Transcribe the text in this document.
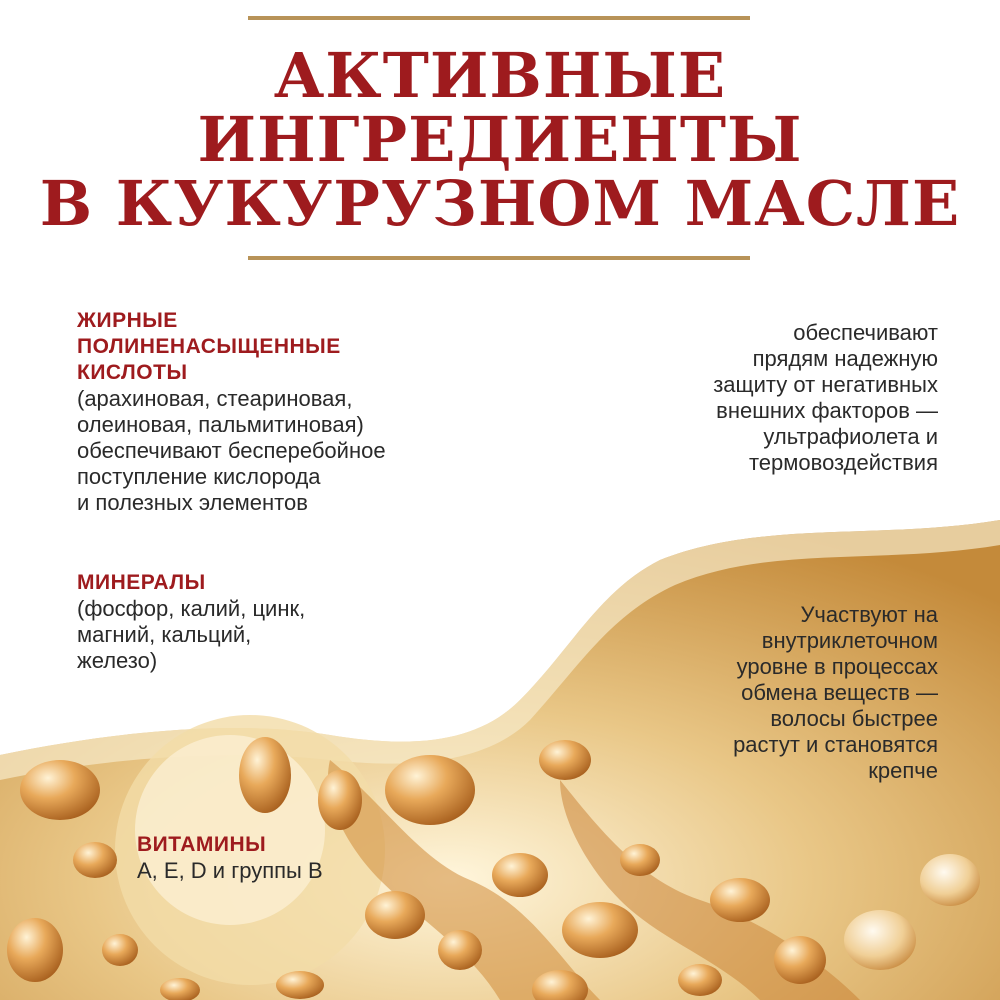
АКТИВНЫЕ
ИНГРЕДИЕНТЫ
В КУКУРУЗНОМ МАСЛЕ
ЖИРНЫЕ
ПОЛИНЕНАСЫЩЕННЫЕ
КИСЛОТЫ
(арахиновая, стеариновая,
олеиновая, пальмитиновая)
обеспечивают бесперебойное
поступление кислорода
и полезных элементов
обеспечивают
прядям надежную
защиту от негативных
внешних факторов —
ультрафиолета и
термовоздействия
МИНЕРАЛЫ
(фосфор, калий, цинк,
магний, кальций,
железо)
Участвуют на
внутриклеточном
уровне в процессах
обмена веществ —
волосы быстрее
растут и становятся
крепче
ВИТАМИНЫ
A, E, D и группы B
